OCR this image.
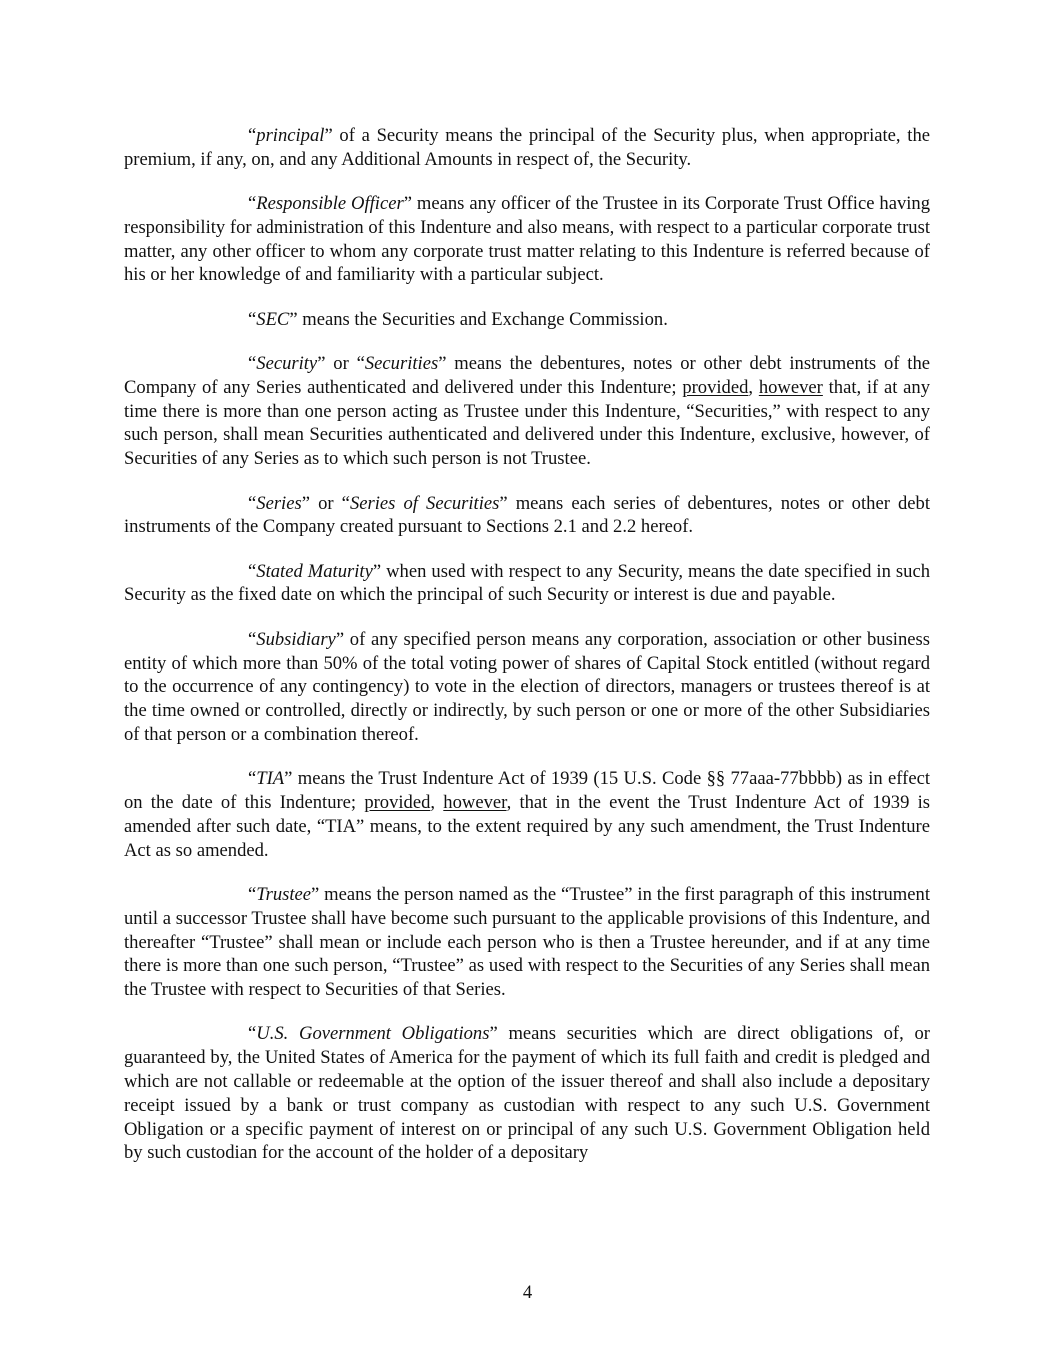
“principal” of a Security means the principal of the Security plus, when appropriate, the premium, if any, on, and any Additional Amounts in respect of, the Security.

“Responsible Officer” means any officer of the Trustee in its Corporate Trust Office having responsibility for administration of this Indenture and also means, with respect to a particular corporate trust matter, any other officer to whom any corporate trust matter relating to this Indenture is referred because of his or her knowledge of and familiarity with a particular subject.

“SEC” means the Securities and Exchange Commission.

“Security” or “Securities” means the debentures, notes or other debt instruments of the Company of any Series authenticated and delivered under this Indenture; provided, however that, if at any time there is more than one person acting as Trustee under this Indenture, “Securities,” with respect to any such person, shall mean Securities authenticated and delivered under this Indenture, exclusive, however, of Securities of any Series as to which such person is not Trustee.

“Series” or “Series of Securities” means each series of debentures, notes or other debt instruments of the Company created pursuant to Sections 2.1 and 2.2 hereof.

“Stated Maturity” when used with respect to any Security, means the date specified in such Security as the fixed date on which the principal of such Security or interest is due and payable.

“Subsidiary” of any specified person means any corporation, association or other business entity of which more than 50% of the total voting power of shares of Capital Stock entitled (without regard to the occurrence of any contingency) to vote in the election of directors, managers or trustees thereof is at the time owned or controlled, directly or indirectly, by such person or one or more of the other Subsidiaries of that person or a combination thereof.

“TIA” means the Trust Indenture Act of 1939 (15 U.S. Code §§ 77aaa-77bbbb) as in effect on the date of this Indenture; provided, however, that in the event the Trust Indenture Act of 1939 is amended after such date, “TIA” means, to the extent required by any such amendment, the Trust Indenture Act as so amended.

“Trustee” means the person named as the “Trustee” in the first paragraph of this instrument until a successor Trustee shall have become such pursuant to the applicable provisions of this Indenture, and thereafter “Trustee” shall mean or include each person who is then a Trustee hereunder, and if at any time there is more than one such person, “Trustee” as used with respect to the Securities of any Series shall mean the Trustee with respect to Securities of that Series.

“U.S. Government Obligations” means securities which are direct obligations of, or guaranteed by, the United States of America for the payment of which its full faith and credit is pledged and which are not callable or redeemable at the option of the issuer thereof and shall also include a depositary receipt issued by a bank or trust company as custodian with respect to any such U.S. Government Obligation or a specific payment of interest on or principal of any such U.S. Government Obligation held by such custodian for the account of the holder of a depositary

4
